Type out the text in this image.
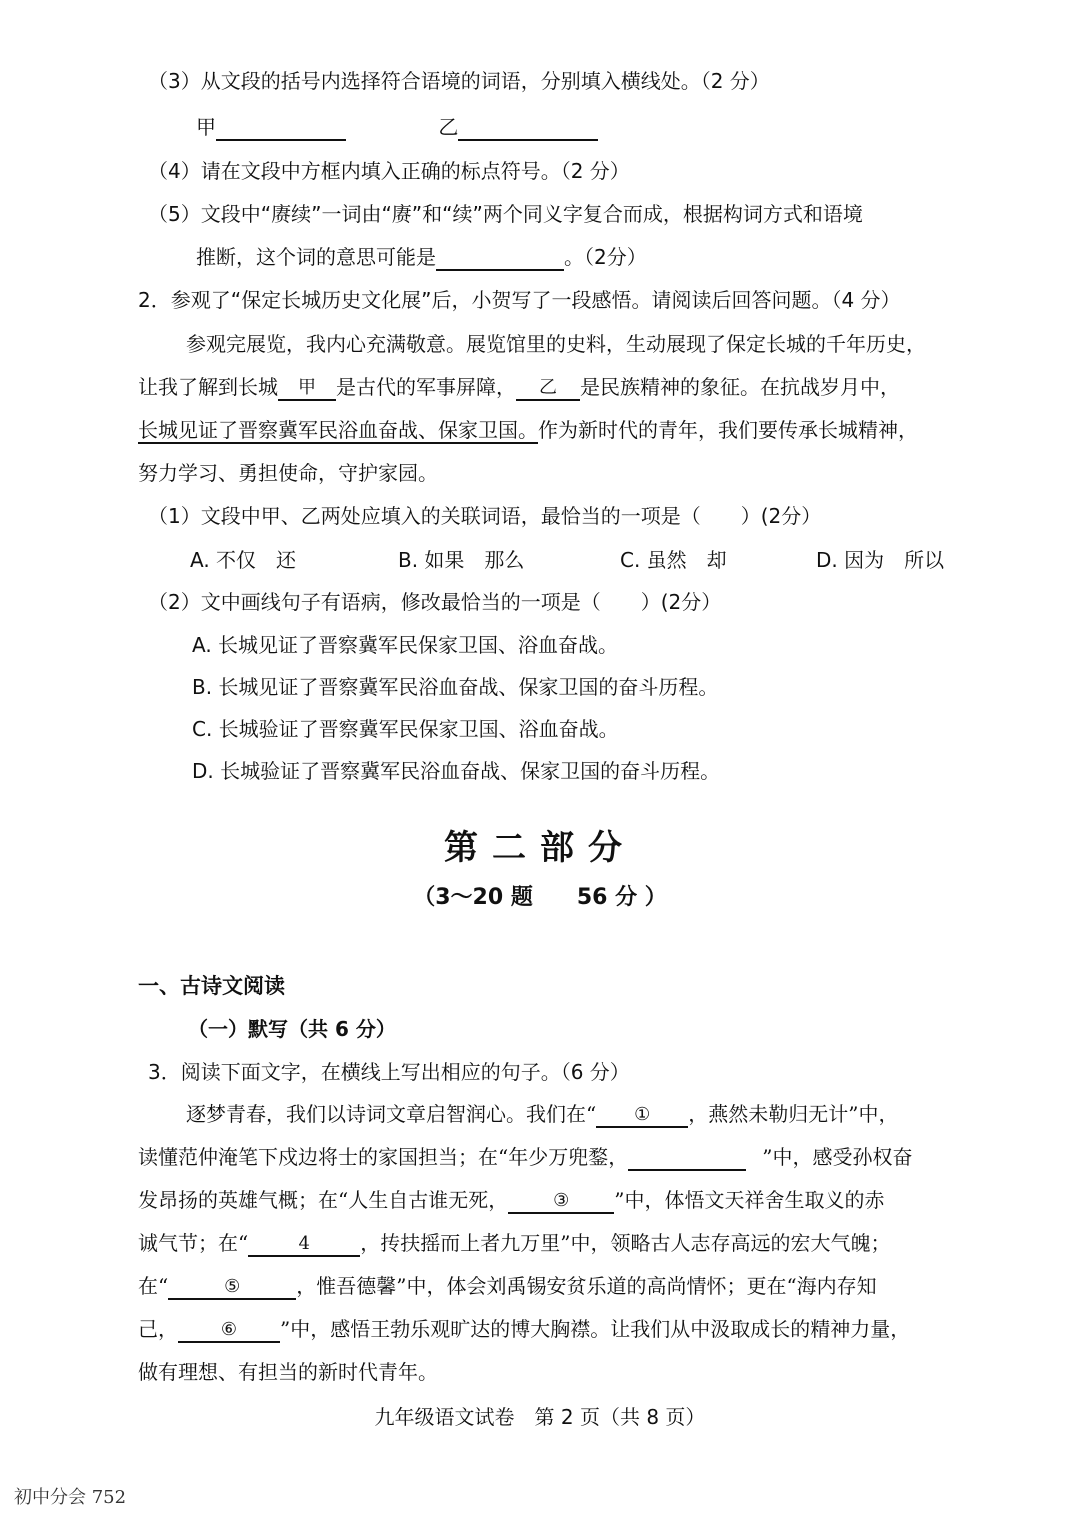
（3）从文段的括号内选择符合语境的词语，分别填入横线处。（2 分）
甲	乙
（4）请在文段中方框内填入正确的标点符号。（2 分）
（5）文段中“赓续”一词由“赓”和“续”两个同义字复合而成，根据构词方式和语境
推断，这个词的意思可能是	。（2分）
2．参观了“保定长城历史文化展”后，小贺写了一段感悟。请阅读后回答问题。（4 分）
参观完展览，我内心充满敬意。展览馆里的史料，生动展现了保定长城的千年历史，
让我了解到长城 甲 是古代的军事屏障， 乙 是民族精神的象征。在抗战岁月中，
长城见证了晋察冀军民浴血奋战、保家卫国。作为新时代的青年，我们要传承长城精神，
努力学习、勇担使命，守护家园。
（1）文段中甲、乙两处应填入的关联词语，最恰当的一项是（　　）(2分）
A. 不仅　还	B. 如果　那么	C. 虽然　却	D. 因为　所以
（2）文中画线句子有语病，修改最恰当的一项是（　　）(2分）
A. 长城见证了晋察冀军民保家卫国、浴血奋战。
B. 长城见证了晋察冀军民浴血奋战、保家卫国的奋斗历程。
C. 长城验证了晋察冀军民保家卫国、浴血奋战。
D. 长城验证了晋察冀军民浴血奋战、保家卫国的奋斗历程。
第二部分
（3～20 题　　56 分 ）
一、古诗文阅读
（一）默写（共 6 分）
3．阅读下面文字，在横线上写出相应的句子。（6 分）
逐梦青春，我们以诗词文章启智润心。我们在“ ① ，燕然未勒归无计”中，
读懂范仲淹笔下戍边将士的家国担当；在“年少万兜鍪，	”中，感受孙权奋
发昂扬的英雄气概；在“人生自古谁无死， ③ ”中，体悟文天祥舍生取义的赤
诚气节；在“	4	，抟扶摇而上者九万里”中，领略古人志存高远的宏大气魄；
在“	⑤	，惟吾德馨”中，体会刘禹锡安贫乐道的高尚情怀；更在“海内存知
己， ⑥ ”中，感悟王勃乐观旷达的博大胸襟。让我们从中汲取成长的精神力量，
做有理想、有担当的新时代青年。
九年级语文试卷　第 2 页（共 8 页）
初中分会 752
